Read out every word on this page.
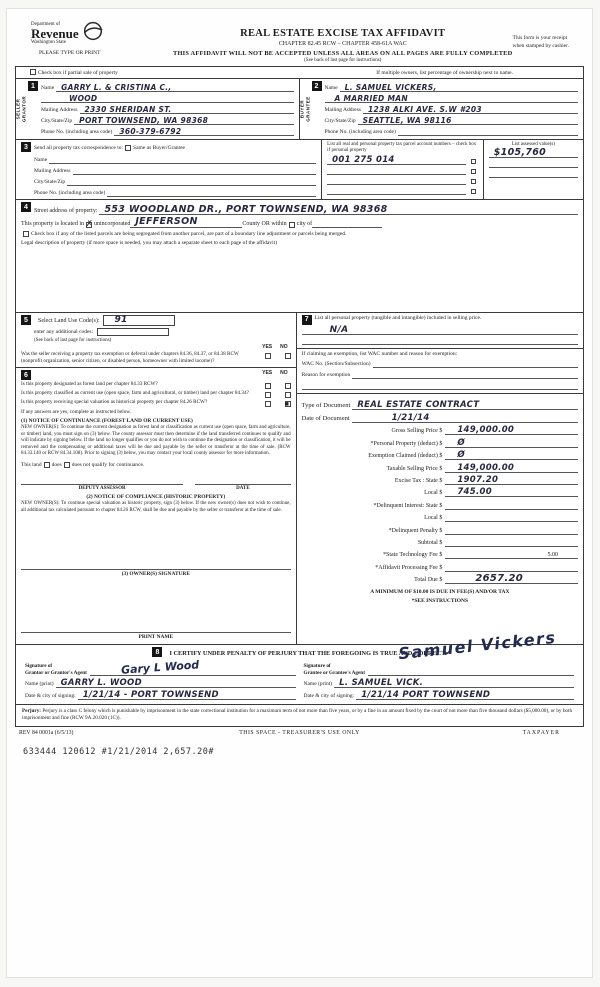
Department of
Revenue
Washington State
PLEASE TYPE OR PRINT
REAL ESTATE EXCISE TAX AFFIDAVIT
CHAPTER 82.45 RCW – CHAPTER 458-61A WAC
THIS AFFIDAVIT WILL NOT BE ACCEPTED UNLESS ALL AREAS ON ALL PAGES ARE FULLY COMPLETED
(See back of last page for instructions)
This form is your receipt
when stamped by cashier.
Check box if partial sale of property	If multiple owners, list percentage of ownership next to name.
SELLER GRANTOR
1	Name GARRY L. & CRISTINA C.,
WOOD
Mailing Address 2330 SHERIDAN ST.
City/State/Zip PORT TOWNSEND, WA 98368
Phone No. (including area code) 360-379-6792
BUYER GRANTEE
2	Name L. SAMUEL VICKERS,
A MARRIED MAN
Mailing Address 1238 ALKI AVE. S.W #203
City/State/Zip SEATTLE, WA 98116
Phone No. (including area code)
3	Send all property tax correspondence to: Same as Buyer/Grantee
Name
Mailing Address
City/State/Zip
Phone No. (including area code)
List all real and personal property tax parcel account numbers – check box if personal property
001 275 014
List assessed value(s)
$105,760
4
Street address of property: 553 WOODLAND DR., PORT TOWNSEND, WA 98368
This property is located in ✗ unincorporated JEFFERSON	County OR within city of
Check box if any of the listed parcels are being segregated from another parcel, are part of a boundary line adjustment or parcels being merged.
Legal description of property (if more space is needed, you may attach a separate sheet to each page of the affidavit)
5	Select Land Use Code(s): 91
enter any additional codes:
(See back of last page for instructions)
YES NO
Was the seller receiving a property tax exemption or deferral under chapters 84.36, 84.37, or 84.38 RCW (nonprofit organization, senior citizen, or disabled person, homeowner with limited income)?
6	YES NO
Is this property designated as forest land per chapter 84.33 RCW?
Is this property classified as current use (open space, farm and agricultural, or timber) land per chapter 84.34?
Is this property receiving special valuation as historical property per chapter 84.26 RCW?	■
If any answers are yes, complete as instructed below.
(1) NOTICE OF CONTINUANCE (FOREST LAND OR CURRENT USE)
NEW OWNER(S): To continue the current designation as forest land or classification as current use (open space, farm and agriculture, or timber) land, you must sign on (3) below. The county assessor must then determine if the land transferred continues to qualify and will indicate by signing below. If the land no longer qualifies or you do not wish to continue the designation or classification, it will be removed and the compensating or additional taxes will be due and payable by the seller or transferor at the time of sale. (RCW 84.33.140 or RCW 84.34.108). Prior to signing (3) below, you may contact your local county assessor for more information.
This land does does not qualify for continuance.
DEPUTY ASSESSOR	DATE
(2) NOTICE OF COMPLIANCE (HISTORIC PROPERTY)
NEW OWNER(S): To continue special valuation as historic property, sign (3) below. If the new owner(s) does not wish to continue, all additional tax calculated pursuant to chapter 84.26 RCW, shall be due and payable by the seller or transferor at the time of sale.
(3) OWNER(S) SIGNATURE
PRINT NAME
7	List all personal property (tangible and intangible) included in selling price.
N/A
If claiming an exemption, list WAC number and reason for exemption:
WAC No. (Section/Subsection)
Reason for exemption
Type of Document REAL ESTATE CONTRACT
Date of Document	1/21/14
Gross Selling Price $	149,000.00
*Personal Property (deduct) $	Ø
Exemption Claimed (deduct) $	Ø
Taxable Selling Price $	149,000.00
Excise Tax : State $	1907.20
Local $	745.00
*Delinquent Interest: State $
Local $
*Delinquent Penalty $
Subtotal $
*State Technology Fee $	5.00
*Affidavit Processing Fee $
Total Due $	2657.20
A MINIMUM OF $10.00 IS DUE IN FEE(S) AND/OR TAX
*SEE INSTRUCTIONS
8	I CERTIFY UNDER PENALTY OF PERJURY THAT THE FOREGOING IS TRUE AND CORRECT.
Signature of
Grantor or Grantor's Agent
Name (print) GARRY L. WOOD
Date & city of signing: 1/21/14 - PORT TOWNSEND
Signature of
Grantee or Grantee's Agent
Name (print) L. SAMUEL VICK.
Date & city of signing: 1/21/14 PORT TOWNSEND
Gary L Wood
Samuel Vickers
Perjury: Perjury is a class C felony which is punishable by imprisonment in the state correctional institution for a maximum term of not more than five years, or by a fine in an amount fixed by the court of not more than five thousand dollars ($5,000.00), or by both imprisonment and fine (RCW 9A.20.020 (1C)).
REV 84 0001a (6/5/13)	THIS SPACE - TREASURER'S USE ONLY	TAXPAYER
633444 120612 #1/21/2014 2,657.20#
